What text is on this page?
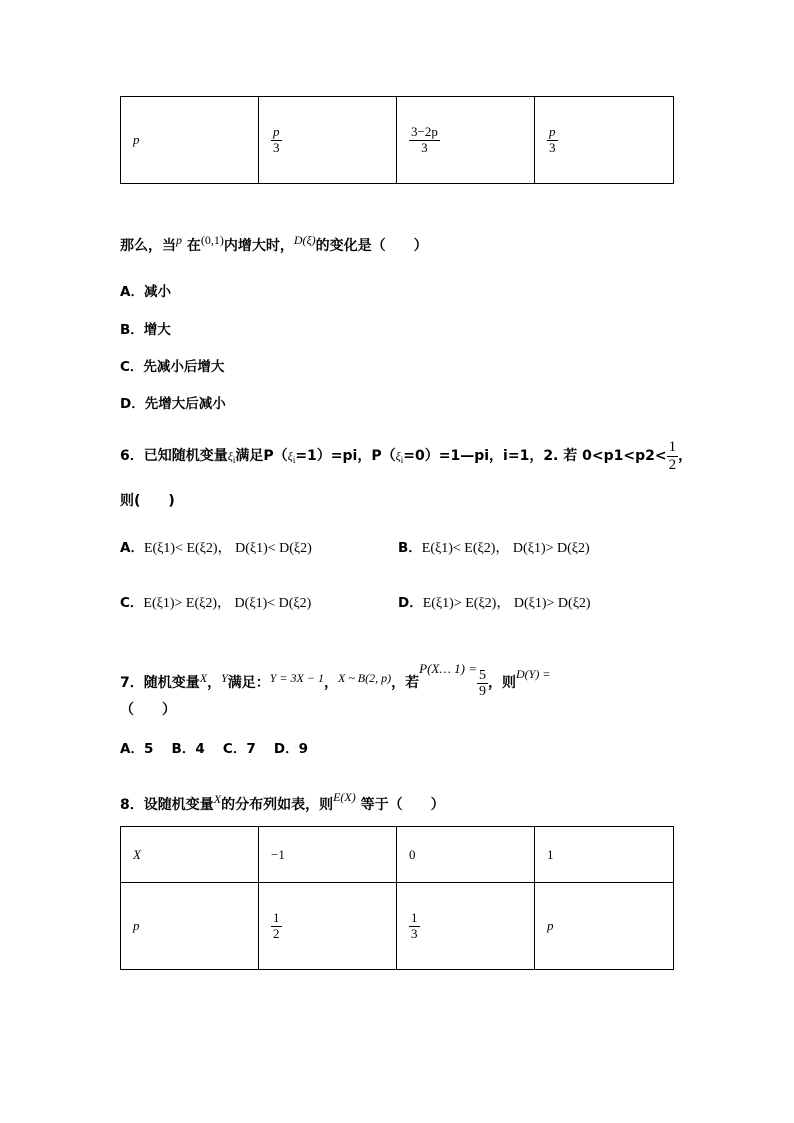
p	$\frac{p}{3}$	$\frac{3-2p}{3}$	$\frac{p}{3}$
那么，当$^p$ 在$^{(0,1)}$内增大时，$^{D(\xi)}$的变化是（　　）
A．减小
B．增大
C．先减小后增大
D．先增大后减小
6．已知随机变量$\xi_i$满足$P(\xi_i=1)=pi$，$P(\xi_i=0)=1—pi$，i=1，2. 若 $0<p1<p2< \frac{1}{2}$ ，
则(　　)
A．E(ξ1)< E(ξ2)， D(ξ1)< D(ξ2)	B．E(ξ1)< E(ξ2)， D(ξ1)> D(ξ2)
C．E(ξ1)> E(ξ2)， D(ξ1)< D(ξ2)	D．E(ξ1)> E(ξ2)， D(ξ1)> D(ξ2)
7．随机变量$^X$，$^Y$满足：$^{Y = 3X - 1}$，$^{X \sim B(2, p)}$，若P(X… $1) = \frac{5}{9}$ ，则$^{D(Y) =}$
（　　）
A．5　 B．4　 C．7　 D．9
8．设随机变量$^X$的分布列如表，则$^{E(X)}$ 等于（　　）
X	−1	0	1
p	$\frac{1}{2}$	$\frac{1}{3}$	p
